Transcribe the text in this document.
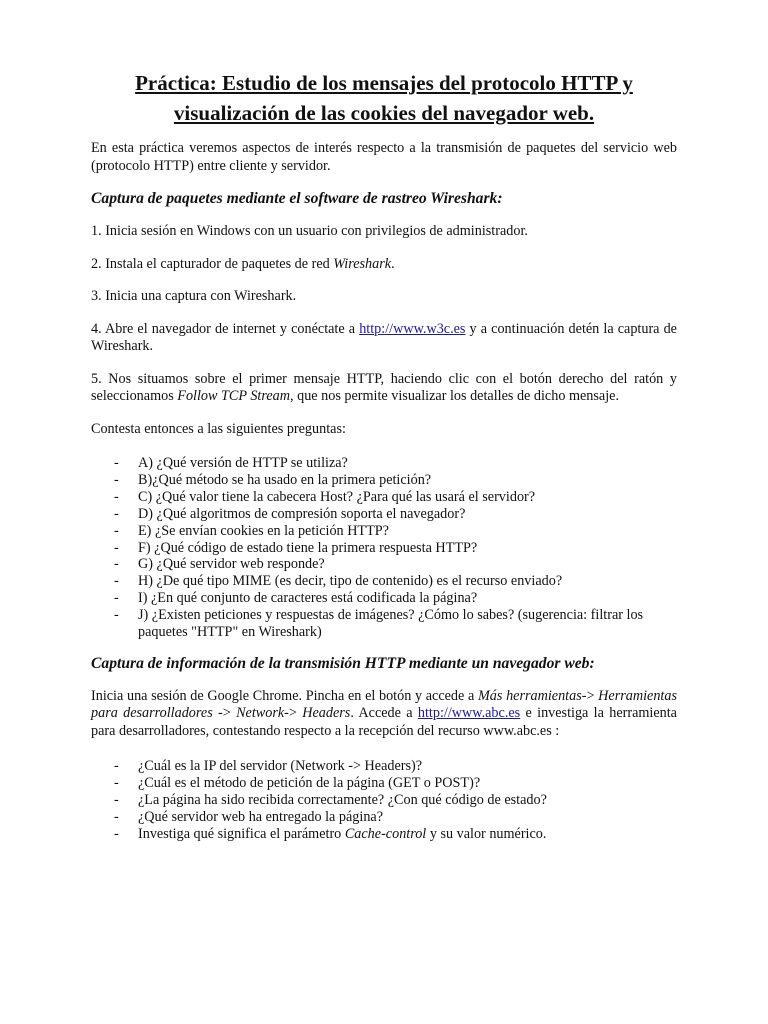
Práctica: Estudio de los mensajes del protocolo HTTP y
visualización de las cookies del navegador web.

En esta práctica veremos aspectos de interés respecto a la transmisión de paquetes del servicio web (protocolo HTTP) entre cliente y servidor.

Captura de paquetes mediante el software de rastreo Wireshark:

1. Inicia sesión en Windows con un usuario con privilegios de administrador.

2. Instala el capturador de paquetes de red Wireshark.

3. Inicia una captura con Wireshark.

4. Abre el navegador de internet y conéctate a http://www.w3c.es y a continuación detén la captura de Wireshark.

5. Nos situamos sobre el primer mensaje HTTP, haciendo clic con el botón derecho del ratón y seleccionamos Follow TCP Stream, que nos permite visualizar los detalles de dicho mensaje.

Contesta entonces a las siguientes preguntas:

- A) ¿Qué versión de HTTP se utiliza?
- B)¿Qué método se ha usado en la primera petición?
- C) ¿Qué valor tiene la cabecera Host? ¿Para qué las usará el servidor?
- D) ¿Qué algoritmos de compresión soporta el navegador?
- E) ¿Se envían cookies en la petición HTTP?
- F) ¿Qué código de estado tiene la primera respuesta HTTP?
- G) ¿Qué servidor web responde?
- H) ¿De qué tipo MIME (es decir, tipo de contenido) es el recurso enviado?
- I) ¿En qué conjunto de caracteres está codificada la página?
- J) ¿Existen peticiones y respuestas de imágenes? ¿Cómo lo sabes? (sugerencia: filtrar los paquetes "HTTP" en Wireshark)
Captura de información de la transmisión HTTP mediante un navegador web:

Inicia una sesión de Google Chrome. Pincha en el botón y accede a Más herramientas-> Herramientas para desarrolladores -> Network-> Headers. Accede a http://www.abc.es e investiga la herramienta para desarrolladores, contestando respecto a la recepción del recurso www.abc.es :

- ¿Cuál es la IP del servidor (Network -> Headers)?
- ¿Cuál es el método de petición de la página (GET o POST)?
- ¿La página ha sido recibida correctamente? ¿Con qué código de estado?
- ¿Qué servidor web ha entregado la página?
- Investiga qué significa el parámetro Cache-control y su valor numérico.
